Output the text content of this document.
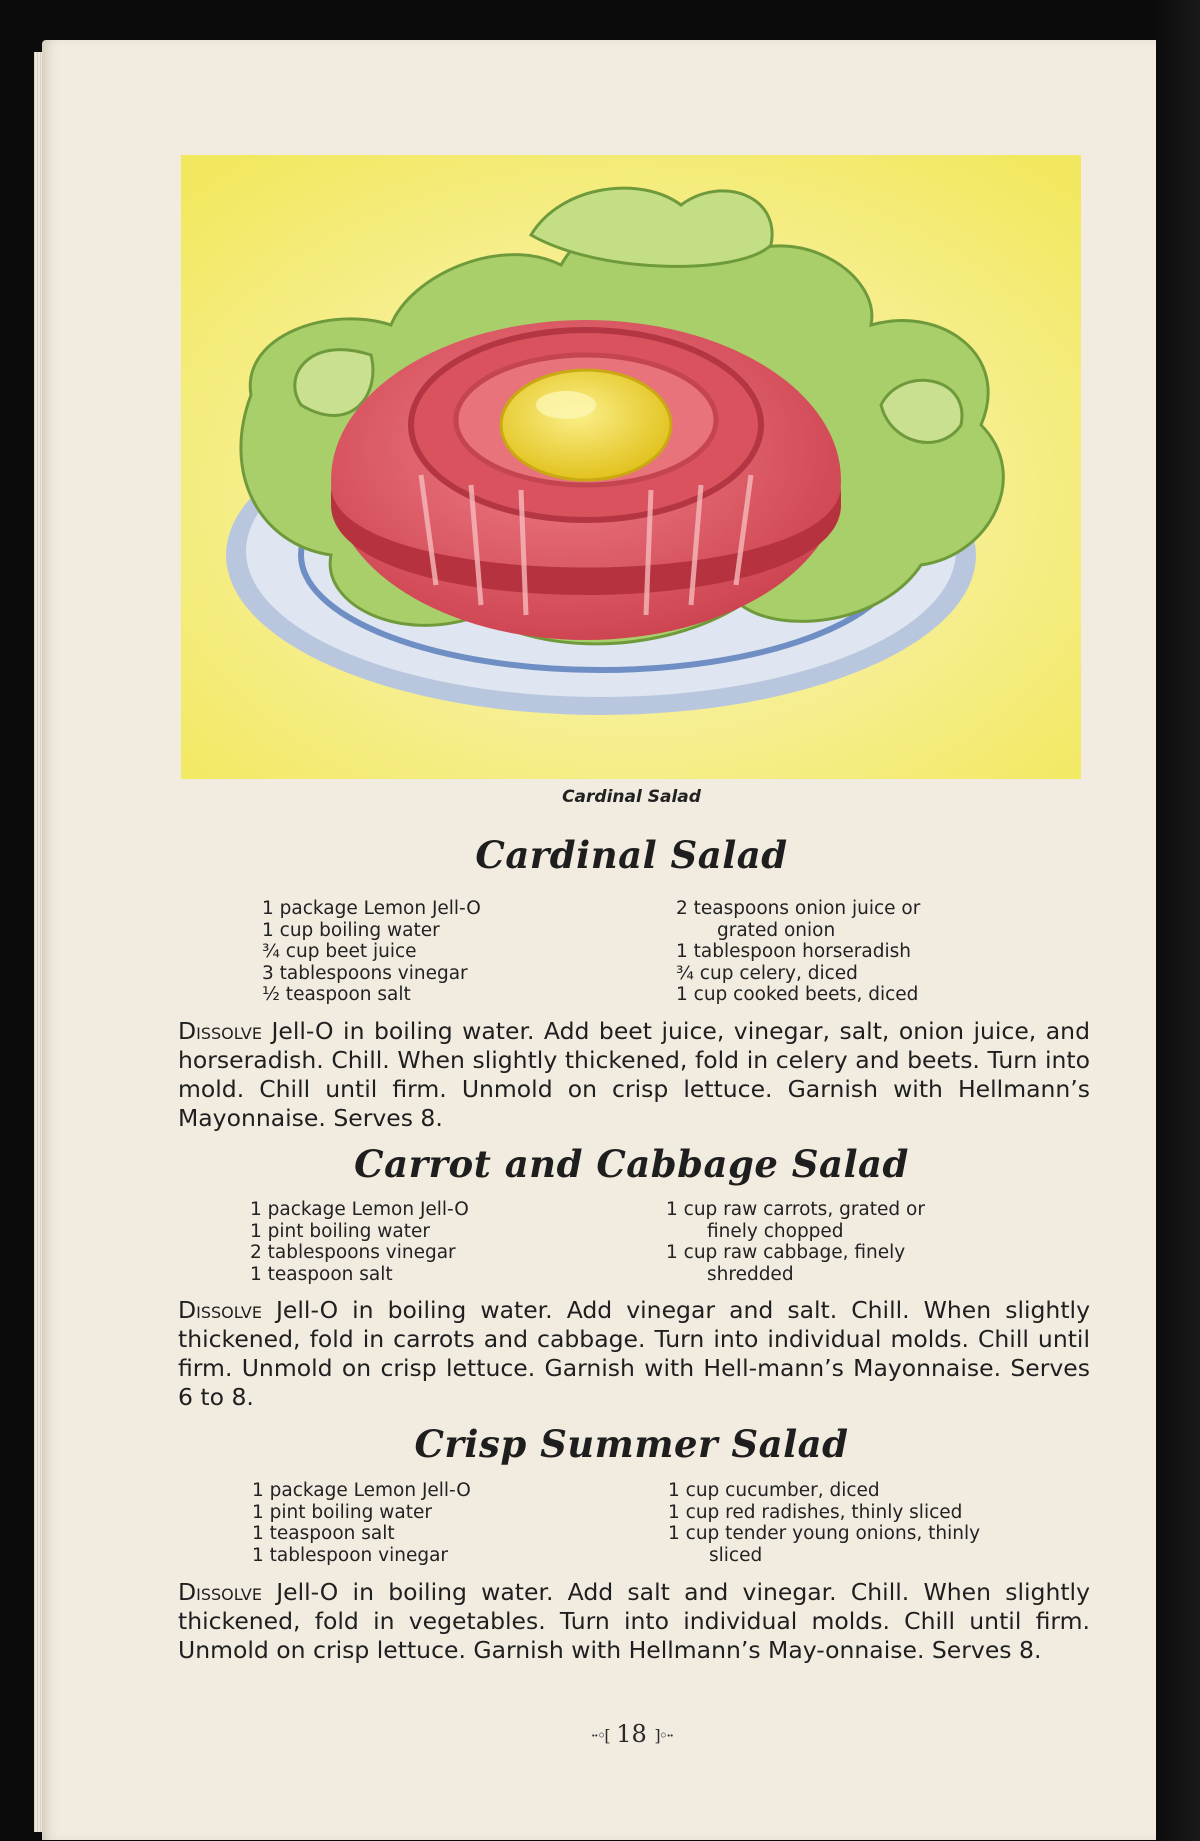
Cardinal Salad
Cardinal Salad
1 package Lemon Jell-O
1 cup boiling water
¾ cup beet juice
3 tablespoons vinegar
½ teaspoon salt
2 teaspoons onion juice or
grated onion
1 tablespoon horseradish
¾ cup celery, diced
1 cup cooked beets, diced

Dissolve Jell-O in boiling water. Add beet juice, vinegar, salt, onion juice, and horseradish. Chill. When slightly thickened, fold in celery and beets. Turn into mold. Chill until firm. Unmold on crisp lettuce. Garnish with Hellmann’s Mayonnaise. Serves 8.

Carrot and Cabbage Salad
1 package Lemon Jell-O
1 pint boiling water
2 tablespoons vinegar
1 teaspoon salt
1 cup raw carrots, grated or
finely chopped
1 cup raw cabbage, finely
shredded

Dissolve Jell-O in boiling water. Add vinegar and salt. Chill. When slightly thickened, fold in carrots and cabbage. Turn into individual molds. Chill until firm. Unmold on crisp lettuce. Garnish with Hell-mann’s Mayonnaise. Serves 6 to 8.

Crisp Summer Salad
1 package Lemon Jell-O
1 pint boiling water
1 teaspoon salt
1 tablespoon vinegar
1 cup cucumber, diced
1 cup red radishes, thinly sliced
1 cup tender young onions, thinly
sliced

Dissolve Jell-O in boiling water. Add salt and vinegar. Chill. When slightly thickened, fold in vegetables. Turn into individual molds. Chill until firm. Unmold on crisp lettuce. Garnish with Hellmann’s May-onnaise. Serves 8.

··◦[ 18 ]◦··
